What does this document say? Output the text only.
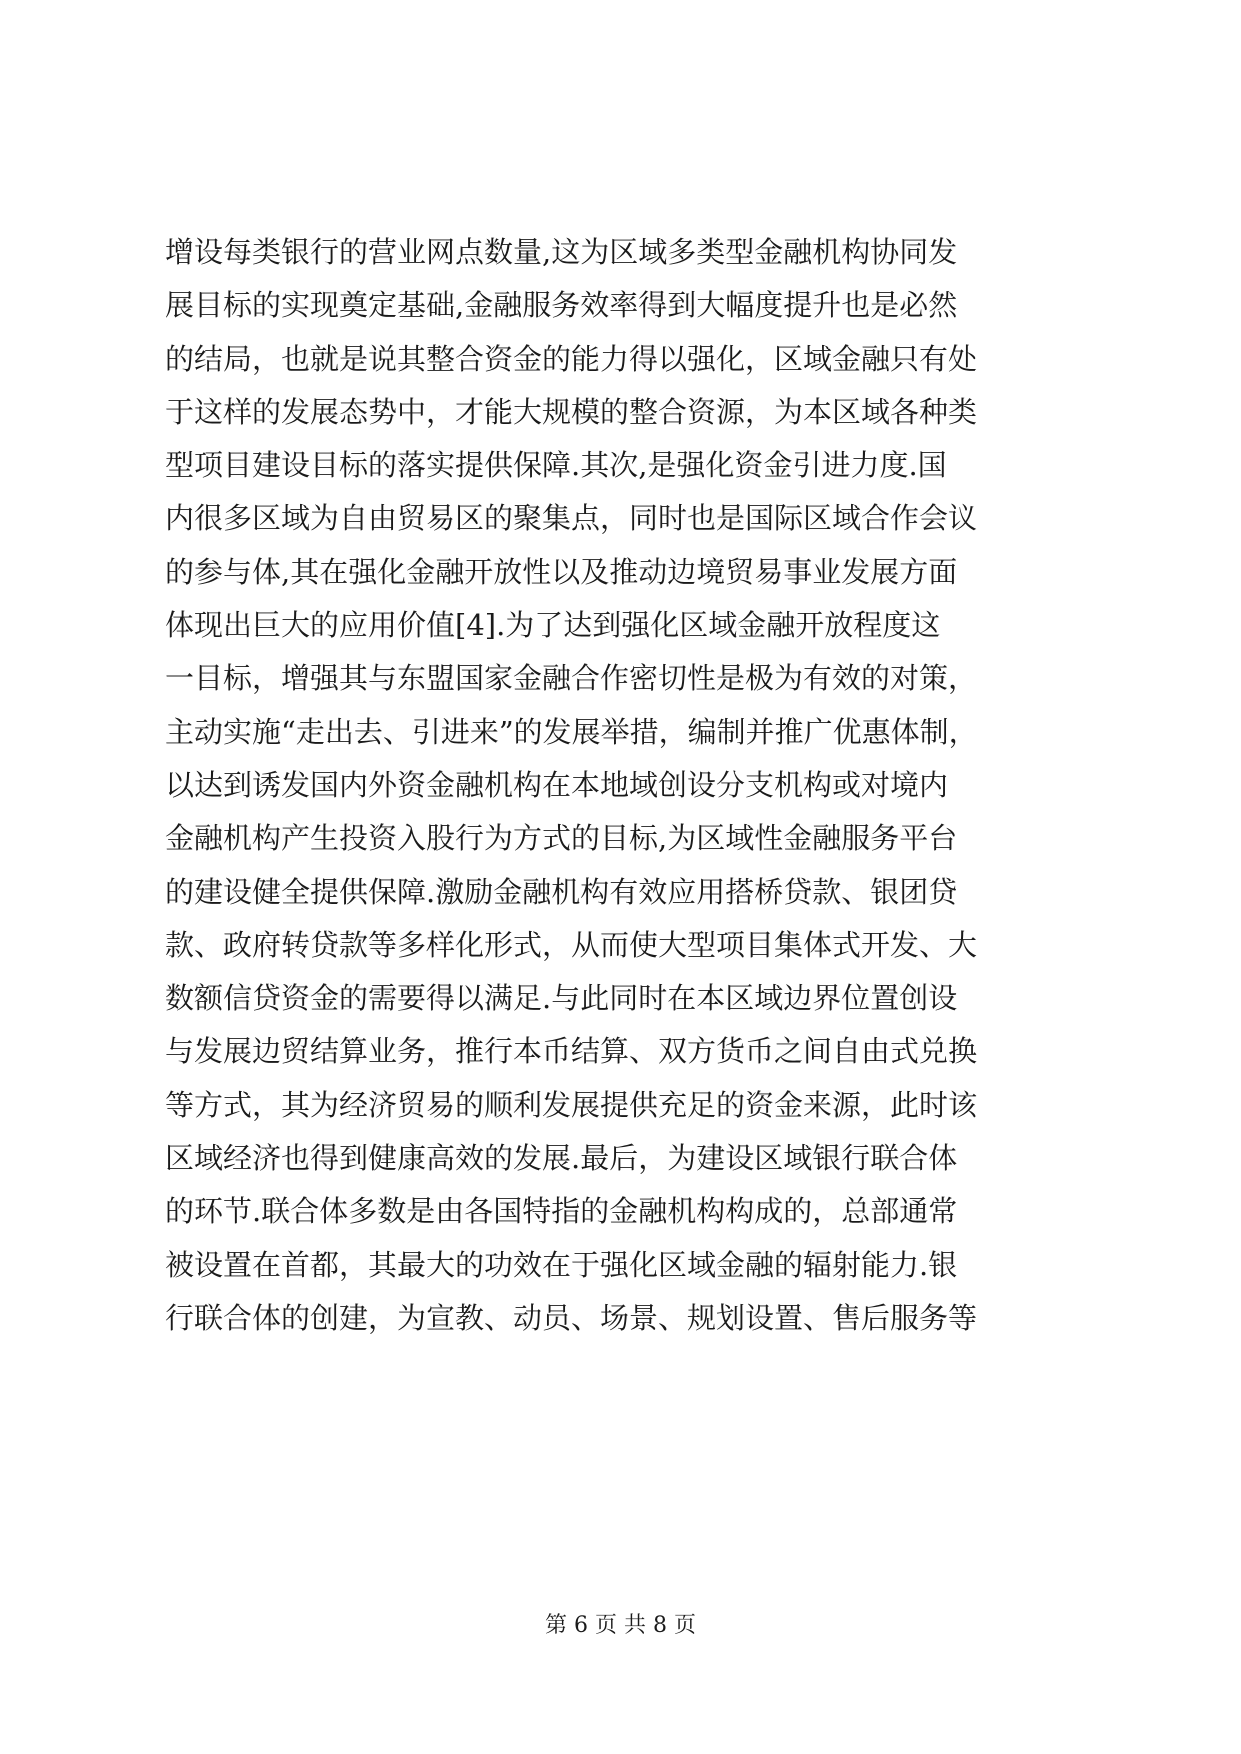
增设每类银行的营业网点数量,这为区域多类型金融机构协同发
展目标的实现奠定基础,金融服务效率得到大幅度提升也是必然
的结局，也就是说其整合资金的能力得以强化，区域金融只有处
于这样的发展态势中，才能大规模的整合资源，为本区域各种类
型项目建设目标的落实提供保障.其次,是强化资金引进力度.国
内很多区域为自由贸易区的聚集点，同时也是国际区域合作会议
的参与体,其在强化金融开放性以及推动边境贸易事业发展方面
体现出巨大的应用价值[4].为了达到强化区域金融开放程度这
一目标，增强其与东盟国家金融合作密切性是极为有效的对策，
主动实施“走出去、引进来”的发展举措，编制并推广优惠体制，
以达到诱发国内外资金融机构在本地域创设分支机构或对境内
金融机构产生投资入股行为方式的目标,为区域性金融服务平台
的建设健全提供保障.激励金融机构有效应用搭桥贷款、银团贷
款、政府转贷款等多样化形式，从而使大型项目集体式开发、大
数额信贷资金的需要得以满足.与此同时在本区域边界位置创设
与发展边贸结算业务，推行本币结算、双方货币之间自由式兑换
等方式，其为经济贸易的顺利发展提供充足的资金来源，此时该
区域经济也得到健康高效的发展.最后，为建设区域银行联合体
的环节.联合体多数是由各国特指的金融机构构成的，总部通常
被设置在首都，其最大的功效在于强化区域金融的辐射能力.银
行联合体的创建，为宣教、动员、场景、规划设置、售后服务等
第 6 页 共 8 页
